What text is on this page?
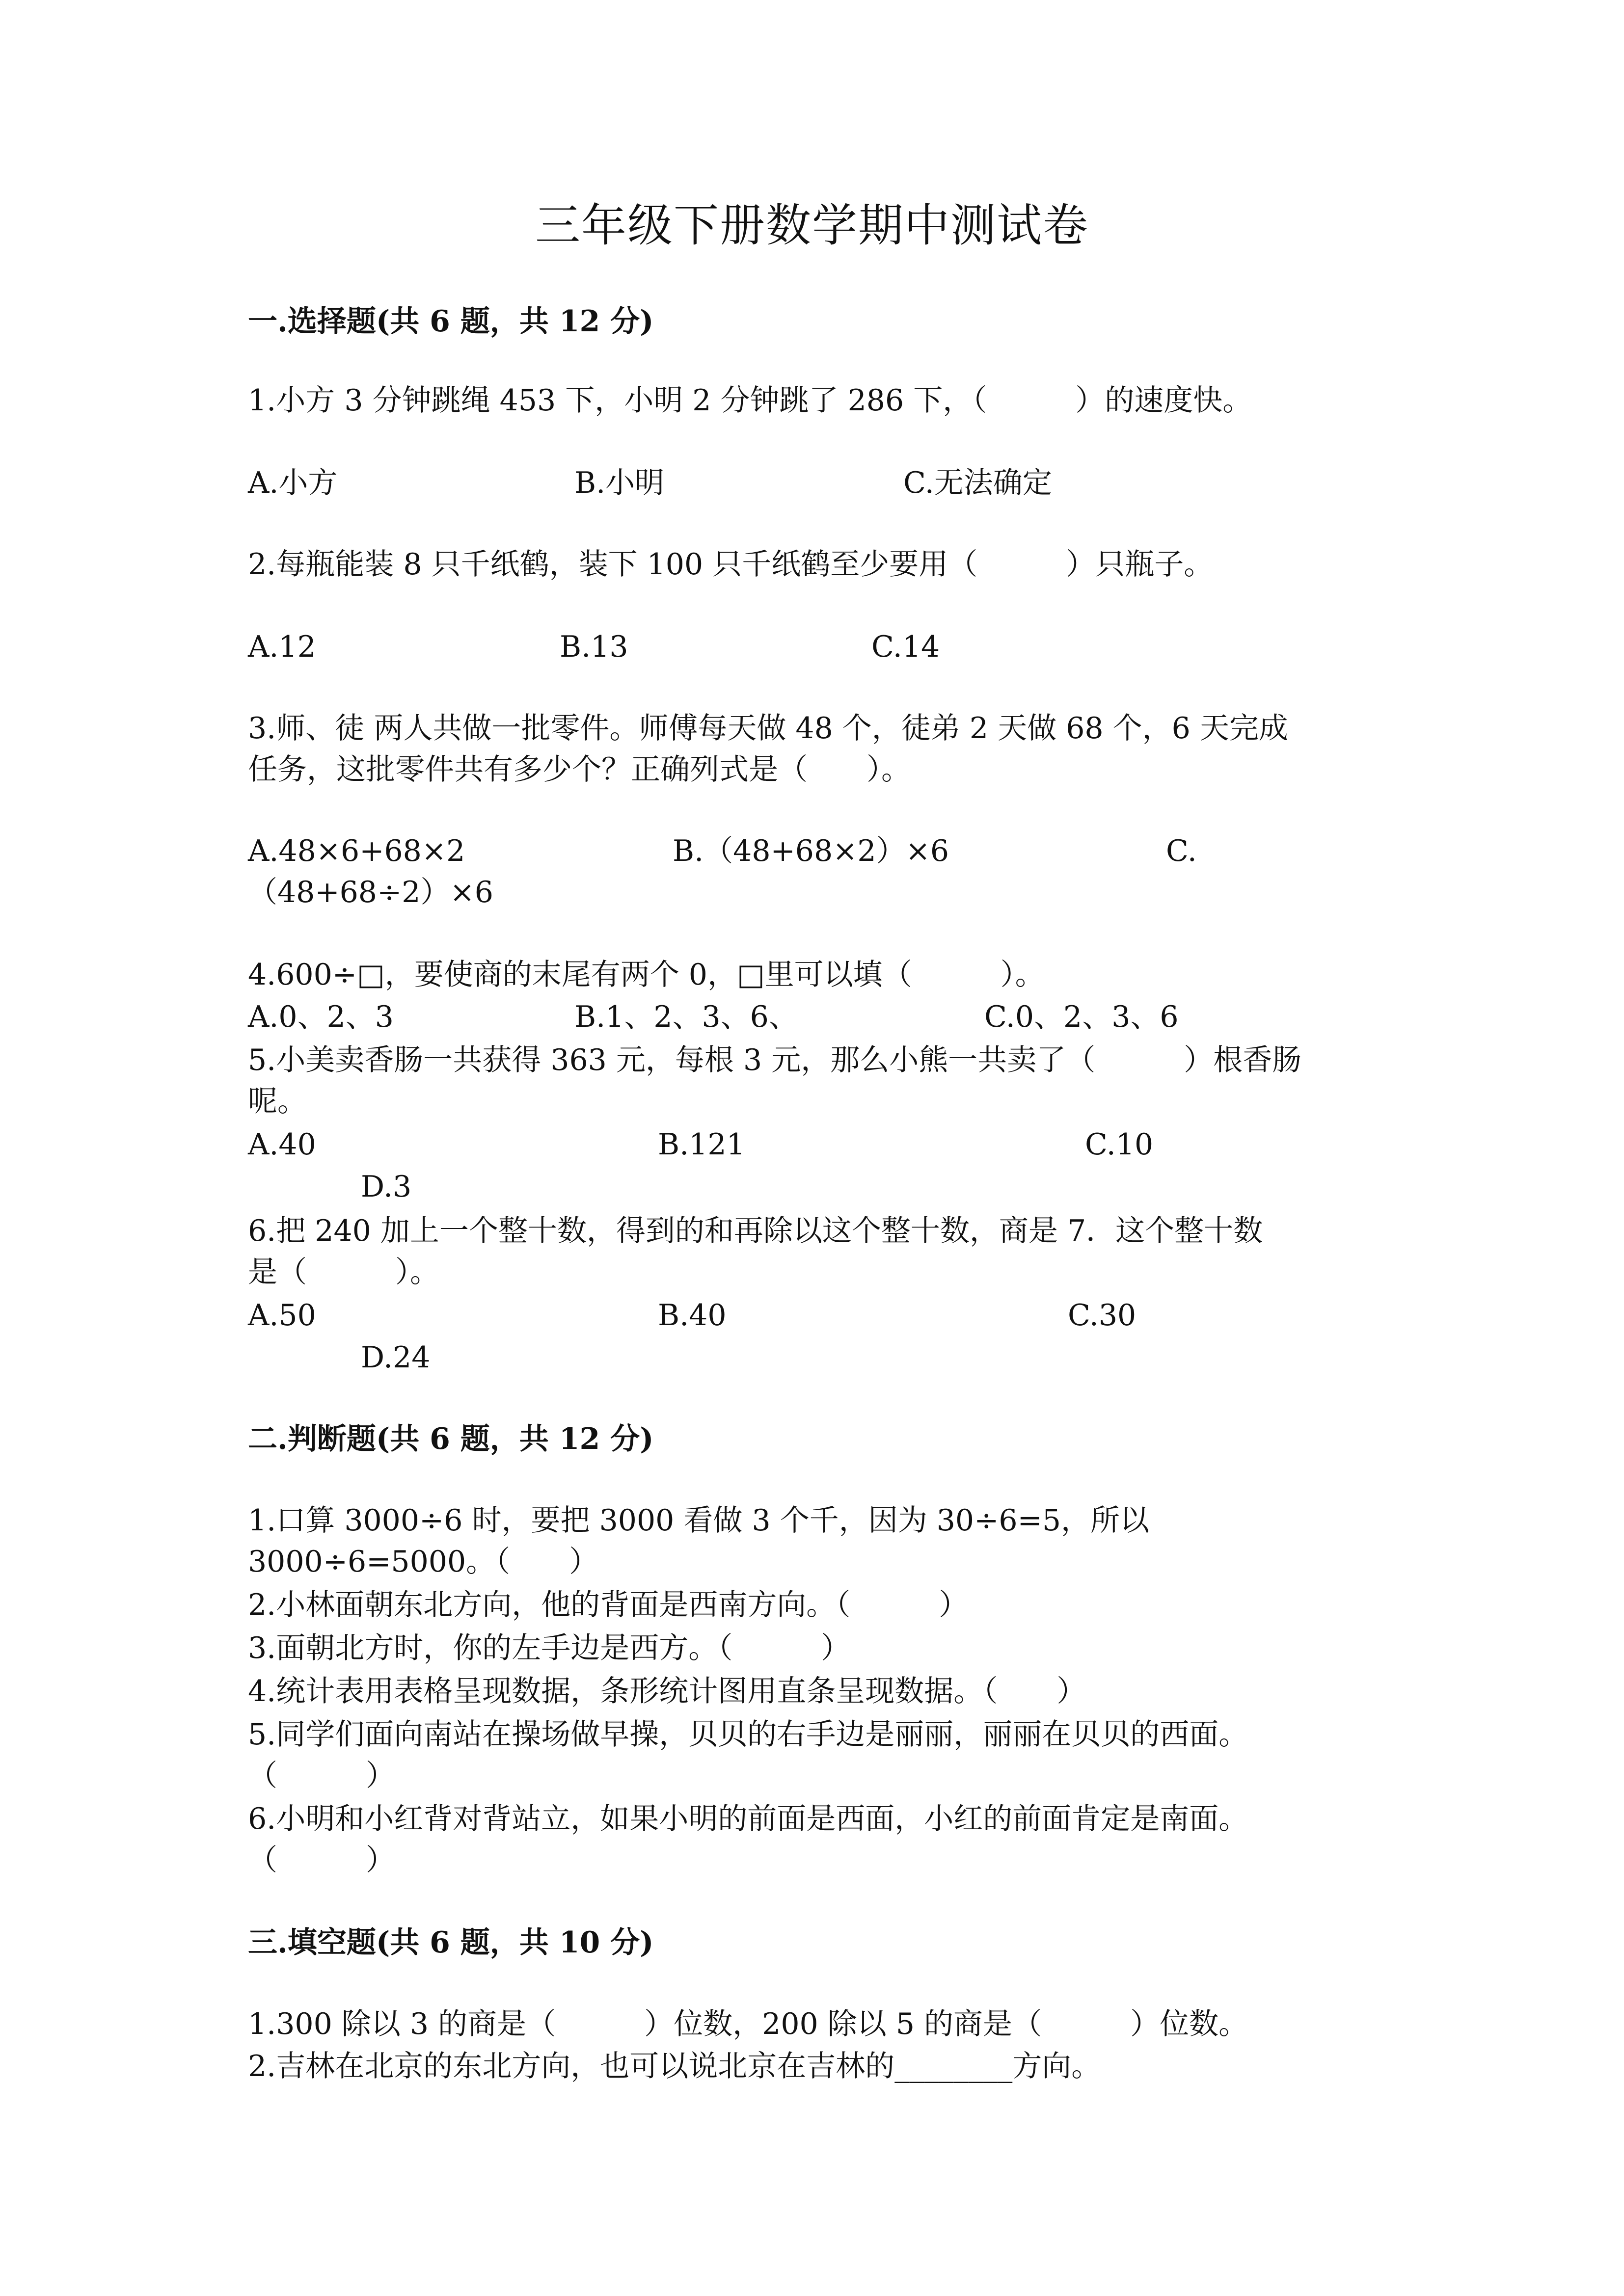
三年级下册数学期中测试卷
一.选择题(共 6 题，共 12 分)
1.小方 3 分钟跳绳 453 下，小明 2 分钟跳了 286 下，（　　　）的速度快。
A.小方	B.小明	C.无法确定
2.每瓶能装 8 只千纸鹤，装下 100 只千纸鹤至少要用（　　　）只瓶子。
A.12	B.13	C.14
3.师、徒 两人共做一批零件。师傅每天做 48 个，徒弟 2 天做 68 个，6 天完成
任务，这批零件共有多少个？正确列式是（　　）。
A.48×6+68×2	B.（48+68×2）×6	C.
（48+68÷2）×6
4.600÷□，要使商的末尾有两个 0，□里可以填（　　　）。
A.0、2、3	B.1、2、3、6、	C.0、2、3、6
5.小美卖香肠一共获得 363 元，每根 3 元，那么小熊一共卖了（　　　）根香肠
呢。
A.40	B.121	C.10
D.3
6.把 240 加上一个整十数，得到的和再除以这个整十数，商是 7．这个整十数
是（　　　）。
A.50	B.40	C.30
D.24
二.判断题(共 6 题，共 12 分)
1.口算 3000÷6 时，要把 3000 看做 3 个千，因为 30÷6=5，所以
3000÷6=5000。（　　）
2.小林面朝东北方向，他的背面是西南方向。（　　　）
3.面朝北方时，你的左手边是西方。（　　　）
4.统计表用表格呈现数据，条形统计图用直条呈现数据。（　　）
5.同学们面向南站在操场做早操，贝贝的右手边是丽丽，丽丽在贝贝的西面。
（　　　）
6.小明和小红背对背站立，如果小明的前面是西面，小红的前面肯定是南面。
（　　　）
三.填空题(共 6 题，共 10 分)
1.300 除以 3 的商是（　　　）位数，200 除以 5 的商是（　　　）位数。
2.吉林在北京的东北方向，也可以说北京在吉林的________方向。
